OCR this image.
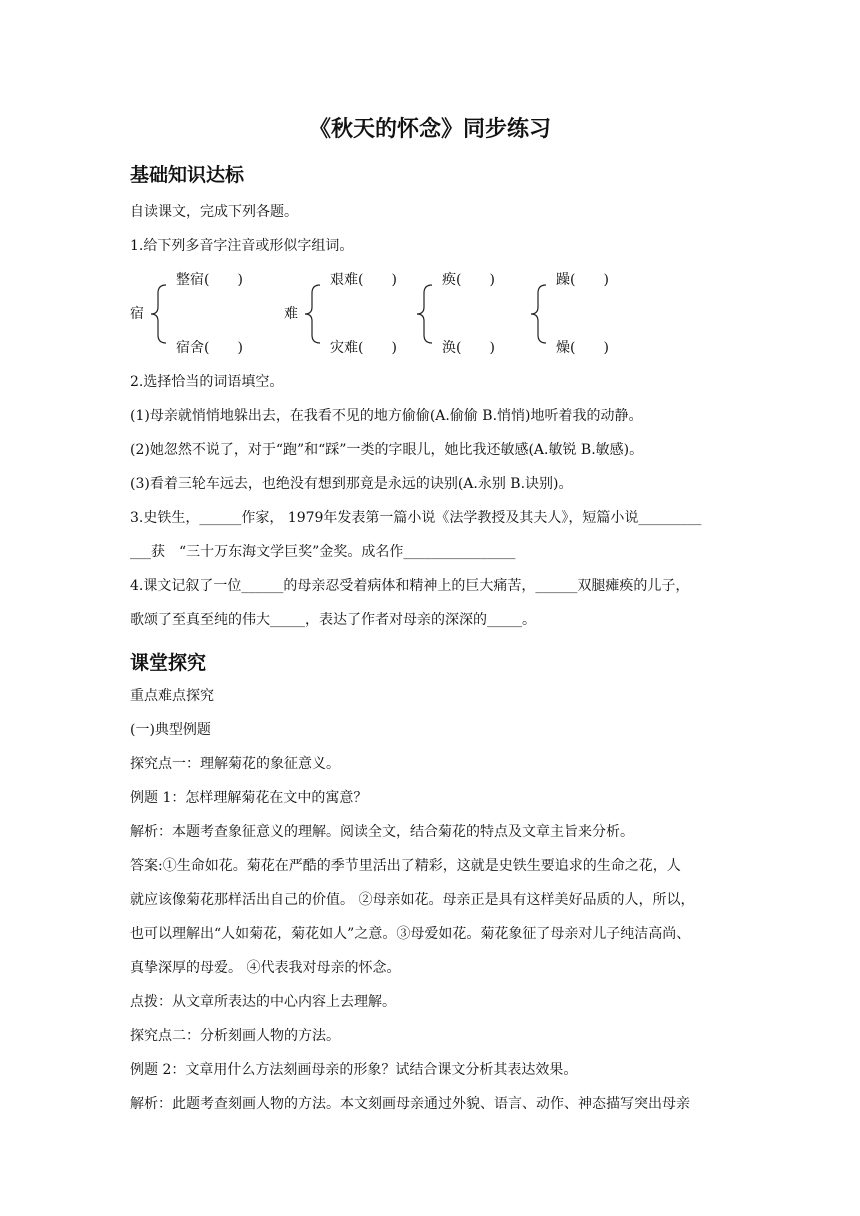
《秋天的怀念》同步练习
基础知识达标
自读课文，完成下列各题。
1.给下列多音字注音或形似字组词。
整宿(　　)
宿
宿舍(　　)
艰难(　　)
难
灾难(　　)
痪(　　)
涣(　　)
躁(　　)
燥(　　)
2.选择恰当的词语填空。
(1)母亲就悄悄地躲出去，在我看不见的地方偷偷(A.偷偷 B.悄悄)地听着我的动静。
(2)她忽然不说了，对于“跑”和“踩”一类的字眼儿，她比我还敏感(A.敏锐 B.敏感)。
(3)看着三轮车远去，也绝没有想到那竟是永远的诀别(A.永别 B.诀别)。
3.史铁生，______作家， 1979年发表第一篇小说《法学教授及其夫人》，短篇小说_________
___获　“三十万东海文学巨奖”金奖。成名作________________
4.课文记叙了一位______的母亲忍受着病体和精神上的巨大痛苦，______双腿瘫痪的儿子，
歌颂了至真至纯的伟大_____，表达了作者对母亲的深深的_____。
课堂探究
重点难点探究
(一)典型例题
探究点一：理解菊花的象征意义。
例题 1：怎样理解菊花在文中的寓意？
解析：本题考查象征意义的理解。阅读全文，结合菊花的特点及文章主旨来分析。
答案:①生命如花。菊花在严酷的季节里活出了精彩，这就是史铁生要追求的生命之花，人
就应该像菊花那样活出自己的价值。 ②母亲如花。母亲正是具有这样美好品质的人，所以，
也可以理解出“人如菊花，菊花如人”之意。③母爱如花。菊花象征了母亲对儿子纯洁高尚、
真挚深厚的母爱。 ④代表我对母亲的怀念。
点拨：从文章所表达的中心内容上去理解。
探究点二：分析刻画人物的方法。
例题 2：文章用什么方法刻画母亲的形象？试结合课文分析其表达效果。
解析：此题考查刻画人物的方法。本文刻画母亲通过外貌、语言、动作、神态描写突出母亲
